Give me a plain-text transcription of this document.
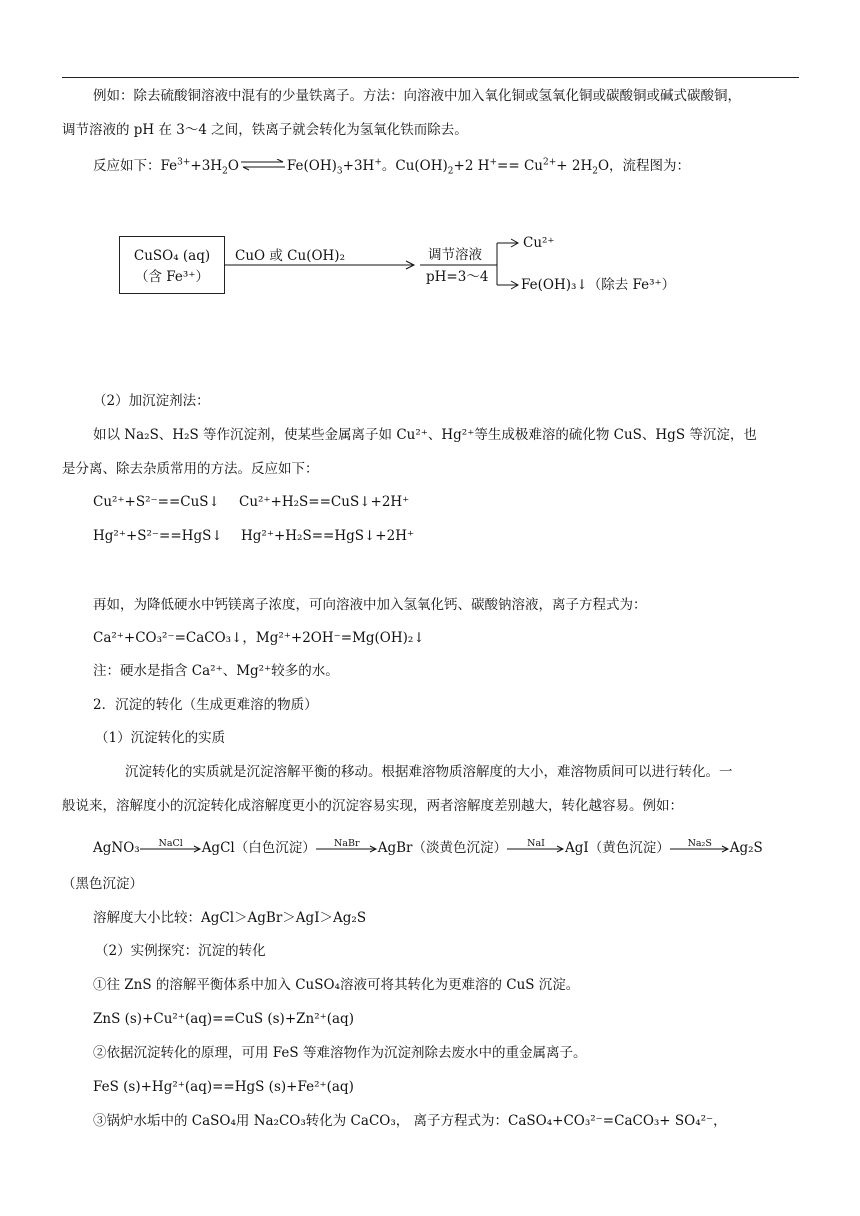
例如：除去硫酸铜溶液中混有的少量铁离子。方法：向溶液中加入氧化铜或氢氧化铜或碳酸铜或碱式碳酸铜，
调节溶液的 pH 在 3～4 之间，铁离子就会转化为氢氧化铁而除去。
反应如下：$Fe^{3+}+3H_2O$ ⇌ $Fe(OH)_3+3H^+$。$Cu(OH)_2+2$ $H^+== Cu^{2+}+ 2H_2O$，流程图为：
CuSO₄ (aq)
（含 Fe³⁺）
CuO 或 Cu(OH)₂	调节溶液
pH=3～4
Cu²⁺
Fe(OH)₃↓（除去 Fe³⁺）
（2）加沉淀剂法：
如以 Na₂S、H₂S 等作沉淀剂，使某些金属离子如 Cu²⁺、Hg²⁺等生成极难溶的硫化物 CuS、HgS 等沉淀，也
是分离、除去杂质常用的方法。反应如下：
Cu²⁺+S²⁻==CuS↓ Cu²⁺+H₂S==CuS↓+2H⁺
Hg²⁺+S²⁻==HgS↓ Hg²⁺+H₂S==HgS↓+2H⁺
再如，为降低硬水中钙镁离子浓度，可向溶液中加入氢氧化钙、碳酸钠溶液，离子方程式为：
Ca²⁺+CO₃²⁻=CaCO₃↓，Mg²⁺+2OH⁻=Mg(OH)₂↓
注：硬水是指含 Ca²⁺、Mg²⁺较多的水。
2．沉淀的转化（生成更难溶的物质）
（1）沉淀转化的实质
沉淀转化的实质就是沉淀溶解平衡的移动。根据难溶物质溶解度的大小，难溶物质间可以进行转化。一
般说来，溶解度小的沉淀转化成溶解度更小的沉淀容易实现，两者溶解度差别越大，转化越容易。例如：
AgNO₃	NaCl	AgCl（白色沉淀）	NaBr	AgBr（淡黄色沉淀）	NaI	AgI（黄色沉淀）	Na₂S	Ag₂S
（黑色沉淀）
溶解度大小比较：AgCl＞AgBr＞AgI＞Ag₂S
（2）实例探究：沉淀的转化
①往 ZnS 的溶解平衡体系中加入 CuSO₄溶液可将其转化为更难溶的 CuS 沉淀。
ZnS (s)+Cu²⁺(aq)==CuS (s)+Zn²⁺(aq)
②依据沉淀转化的原理，可用 FeS 等难溶物作为沉淀剂除去废水中的重金属离子。
FeS (s)+Hg²⁺(aq)==HgS (s)+Fe²⁺(aq)
③锅炉水垢中的 CaSO₄用 Na₂CO₃转化为 CaCO₃， 离子方程式为：CaSO₄+CO₃²⁻=CaCO₃+ SO₄²⁻，
